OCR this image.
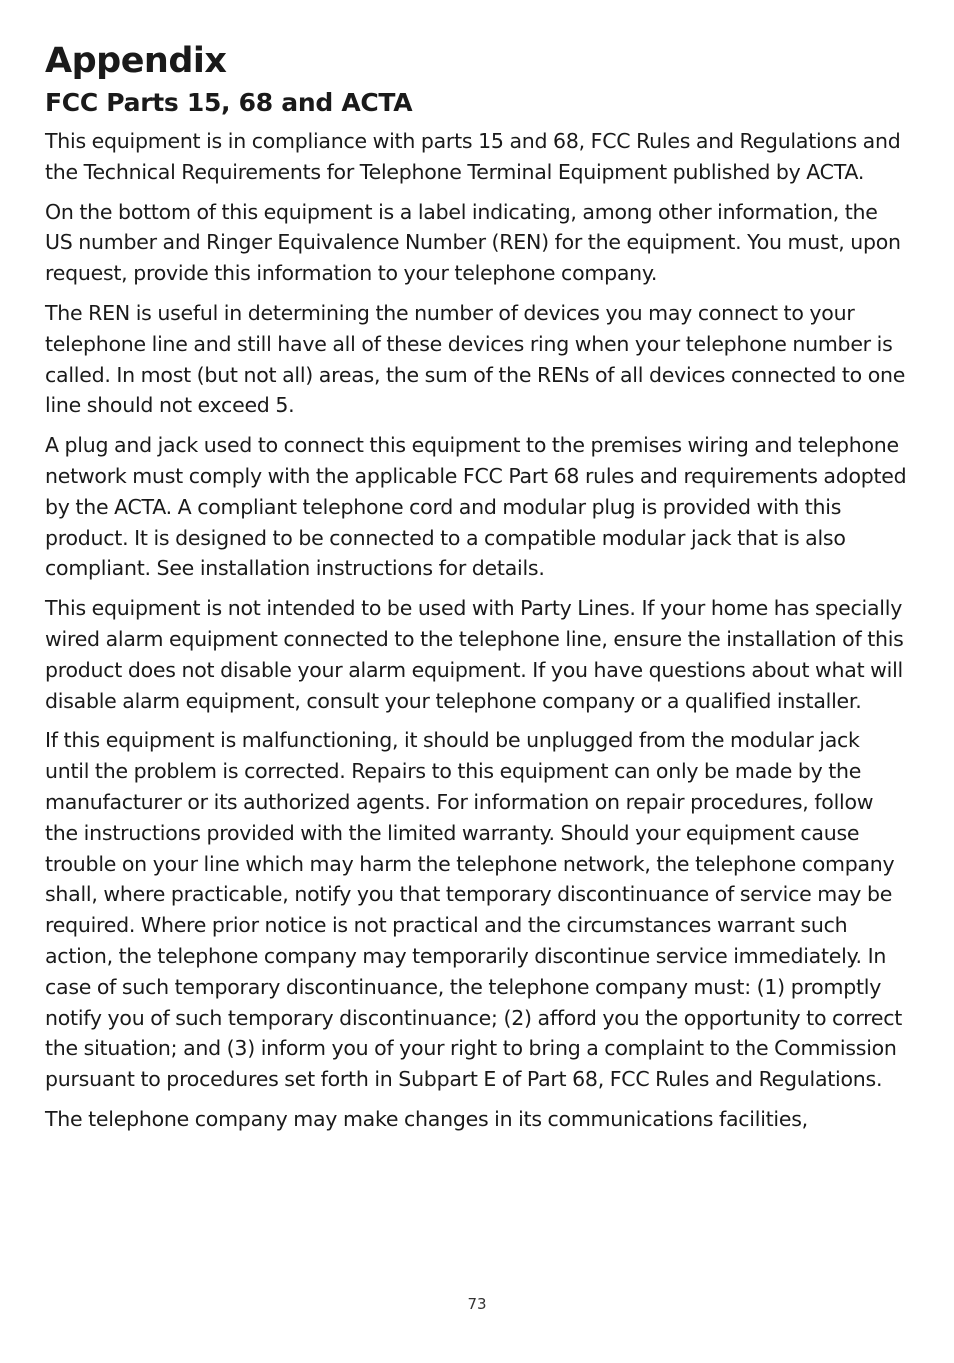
Appendix
FCC Parts 15, 68 and ACTA

This equipment is in compliance with parts 15 and 68, FCC Rules and Regulations and the Technical Requirements for Telephone Terminal Equipment published by ACTA.

On the bottom of this equipment is a label indicating, among other information, the US number and Ringer Equivalence Number (REN) for the equipment. You must, upon request, provide this information to your telephone company.

The REN is useful in determining the number of devices you may connect to your telephone line and still have all of these devices ring when your telephone number is called. In most (but not all) areas, the sum of the RENs of all devices connected to one line should not exceed 5.

A plug and jack used to connect this equipment to the premises wiring and telephone network must comply with the applicable FCC Part 68 rules and requirements adopted by the ACTA. A compliant telephone cord and modular plug is provided with this product. It is designed to be connected to a compatible modular jack that is also compliant. See installation instructions for details.

This equipment is not intended to be used with Party Lines. If your home has specially wired alarm equipment connected to the telephone line, ensure the installation of this product does not disable your alarm equipment. If you have questions about what will disable alarm equipment, consult your telephone company or a qualified installer.

If this equipment is malfunctioning, it should be unplugged from the modular jack until the problem is corrected. Repairs to this equipment can only be made by the manufacturer or its authorized agents. For information on repair procedures, follow the instructions provided with the limited warranty. Should your equipment cause trouble on your line which may harm the telephone network, the telephone company shall, where practicable, notify you that temporary discontinuance of service may be required. Where prior notice is not practical and the circumstances warrant such action, the telephone company may temporarily discontinue service immediately. In case of such temporary discontinuance, the telephone company must: (1) promptly notify you of such temporary discontinuance; (2) afford you the opportunity to correct the situation; and (3) inform you of your right to bring a complaint to the Commission pursuant to procedures set forth in Subpart E of Part 68, FCC Rules and Regulations.

The telephone company may make changes in its communications facilities,

73
